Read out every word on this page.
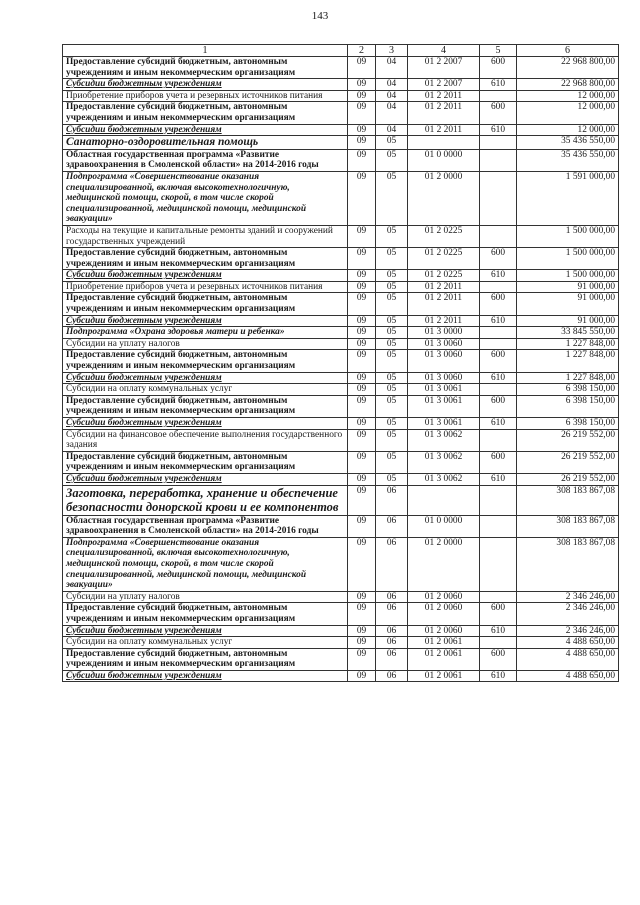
143
1	2	3	4	5	6
Предоставление субсидий бюджетным, автономным учреждениям и иным некоммерческим организациям	09	04	01 2 2007	600	22 968 800,00
Субсидии бюджетным учреждениям	09	04	01 2 2007	610	22 968 800,00
Приобретение приборов учета и резервных источников питания	09	04	01 2 2011		12 000,00
Предоставление субсидий бюджетным, автономным учреждениям и иным некоммерческим организациям	09	04	01 2 2011	600	12 000,00
Субсидии бюджетным учреждениям	09	04	01 2 2011	610	12 000,00
Санаторно-оздоровительная помощь	09	05			35 436 550,00
Областная государственная программа «Развитие здравоохранения в Смоленской области» на 2014-2016 годы	09	05	01 0 0000		35 436 550,00
Подпрограмма «Совершенствование оказания специализированной, включая высокотехнологичную, медицинской помощи, скорой, в том числе скорой специализированной, медицинской помощи, медицинской эвакуации»	09	05	01 2 0000		1 591 000,00
Расходы на текущие и капитальные ремонты зданий и сооружений государственных учреждений	09	05	01 2 0225		1 500 000,00
Предоставление субсидий бюджетным, автономным учреждениям и иным некоммерческим организациям	09	05	01 2 0225	600	1 500 000,00
Субсидии бюджетным учреждениям	09	05	01 2 0225	610	1 500 000,00
Приобретение приборов учета и резервных источников питания	09	05	01 2 2011		91 000,00
Предоставление субсидий бюджетным, автономным учреждениям и иным некоммерческим организациям	09	05	01 2 2011	600	91 000,00
Субсидии бюджетным учреждениям	09	05	01 2 2011	610	91 000,00
Подпрограмма «Охрана здоровья матери и ребенка»	09	05	01 3 0000		33 845 550,00
Субсидии на уплату налогов	09	05	01 3 0060		1 227 848,00
Предоставление субсидий бюджетным, автономным учреждениям и иным некоммерческим организациям	09	05	01 3 0060	600	1 227 848,00
Субсидии бюджетным учреждениям	09	05	01 3 0060	610	1 227 848,00
Субсидии на оплату коммунальных услуг	09	05	01 3 0061		6 398 150,00
Предоставление субсидий бюджетным, автономным учреждениям и иным некоммерческим организациям	09	05	01 3 0061	600	6 398 150,00
Субсидии бюджетным учреждениям	09	05	01 3 0061	610	6 398 150,00
Субсидии на финансовое обеспечение выполнения государственного задания	09	05	01 3 0062		26 219 552,00
Предоставление субсидий бюджетным, автономным учреждениям и иным некоммерческим организациям	09	05	01 3 0062	600	26 219 552,00
Субсидии бюджетным учреждениям	09	05	01 3 0062	610	26 219 552,00
Заготовка, переработка, хранение и обеспечение безопасности донорской крови и ее компонентов	09	06			308 183 867,08
Областная государственная программа «Развитие здравоохранения в Смоленской области» на 2014-2016 годы	09	06	01 0 0000		308 183 867,08
Подпрограмма «Совершенствование оказания специализированной, включая высокотехнологичную, медицинской помощи, скорой, в том числе скорой специализированной, медицинской помощи, медицинской эвакуации»	09	06	01 2 0000		308 183 867,08
Субсидии на уплату налогов	09	06	01 2 0060		2 346 246,00
Предоставление субсидий бюджетным, автономным учреждениям и иным некоммерческим организациям	09	06	01 2 0060	600	2 346 246,00
Субсидии бюджетным учреждениям	09	06	01 2 0060	610	2 346 246,00
Субсидии на оплату коммунальных услуг	09	06	01 2 0061		4 488 650,00
Предоставление субсидий бюджетным, автономным учреждениям и иным некоммерческим организациям	09	06	01 2 0061	600	4 488 650,00
Субсидии бюджетным учреждениям	09	06	01 2 0061	610	4 488 650,00
